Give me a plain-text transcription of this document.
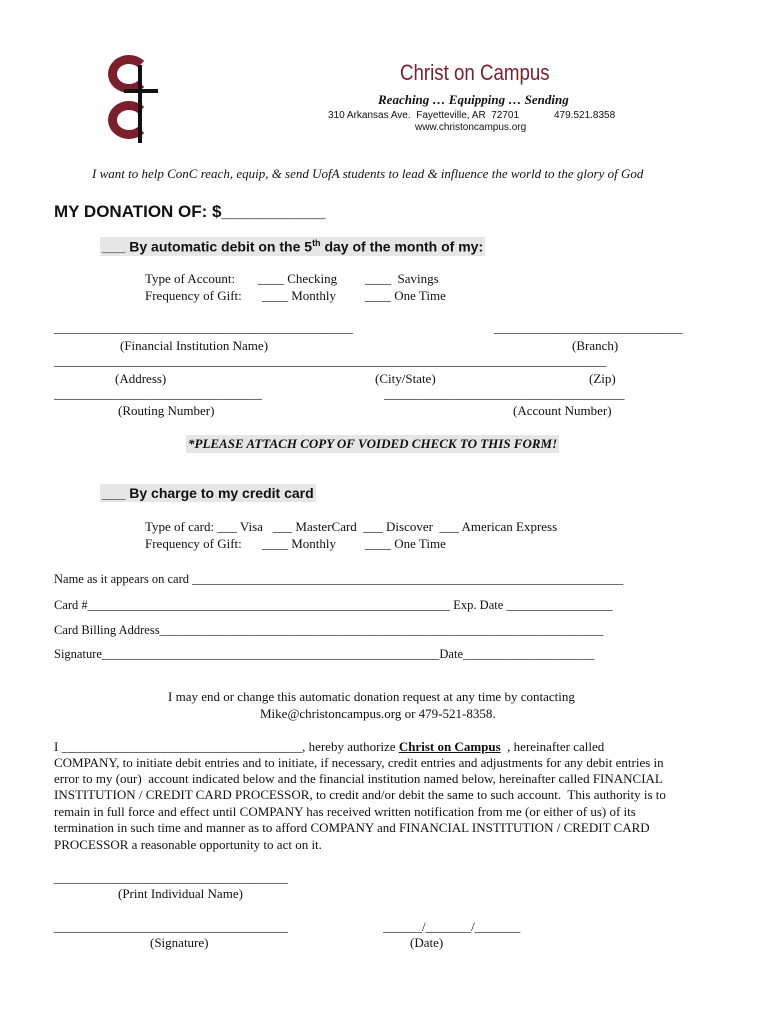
Christ on Campus
Reaching … Equipping … Sending
310 Arkansas Ave.  Fayetteville, AR  72701	479.521.8358
www.christoncampus.org
I want to help ConC reach, equip, & send UofA students to lead & influence the world to the glory of God
MY DONATION OF: $___________
___ By automatic debit on the 5th day of the month of my:
Type of Account: ____ Checking ____  Savings
Frequency of Gift: ____ Monthly ____ One Time
______________________________________________	_____________________________
(Financial Institution Name)	(Branch)
_____________________________________________________________________________________
(Address)	(City/State)	(Zip)
________________________________	_____________________________________
(Routing Number)	(Account Number)
*PLEASE ATTACH COPY OF VOIDED CHECK TO THIS FORM!
___ By charge to my credit card
Type of card: ___ Visa   ___ MasterCard  ___ Discover  ___ American Express
Frequency of Gift: ____ Monthly ____ One Time
Name as it appears on card _____________________________________________________________________
Card #__________________________________________________________ Exp. Date _________________
Card Billing Address_______________________________________________________________________
Signature______________________________________________________Date_____________________
I may end or change this automatic donation request at any time by contacting
Mike@christoncampus.org or 479-521-8358.
I _____________________________________, hereby authorize Christ on Campus  , hereinafter called
COMPANY, to initiate debit entries and to initiate, if necessary, credit entries and adjustments for any debit entries in
error to my (our)  account indicated below and the financial institution named below, hereinafter called FINANCIAL
INSTITUTION / CREDIT CARD PROCESSOR, to credit and/or debit the same to such account.  This authority is to
remain in full force and effect until COMPANY has received written notification from me (or either of us) of its
termination in such time and manner as to afford COMPANY and FINANCIAL INSTITUTION / CREDIT CARD
PROCESSOR a reasonable opportunity to act on it.
____________________________________
(Print Individual Name)
____________________________________
(Signature)
______/_______/_______
(Date)
